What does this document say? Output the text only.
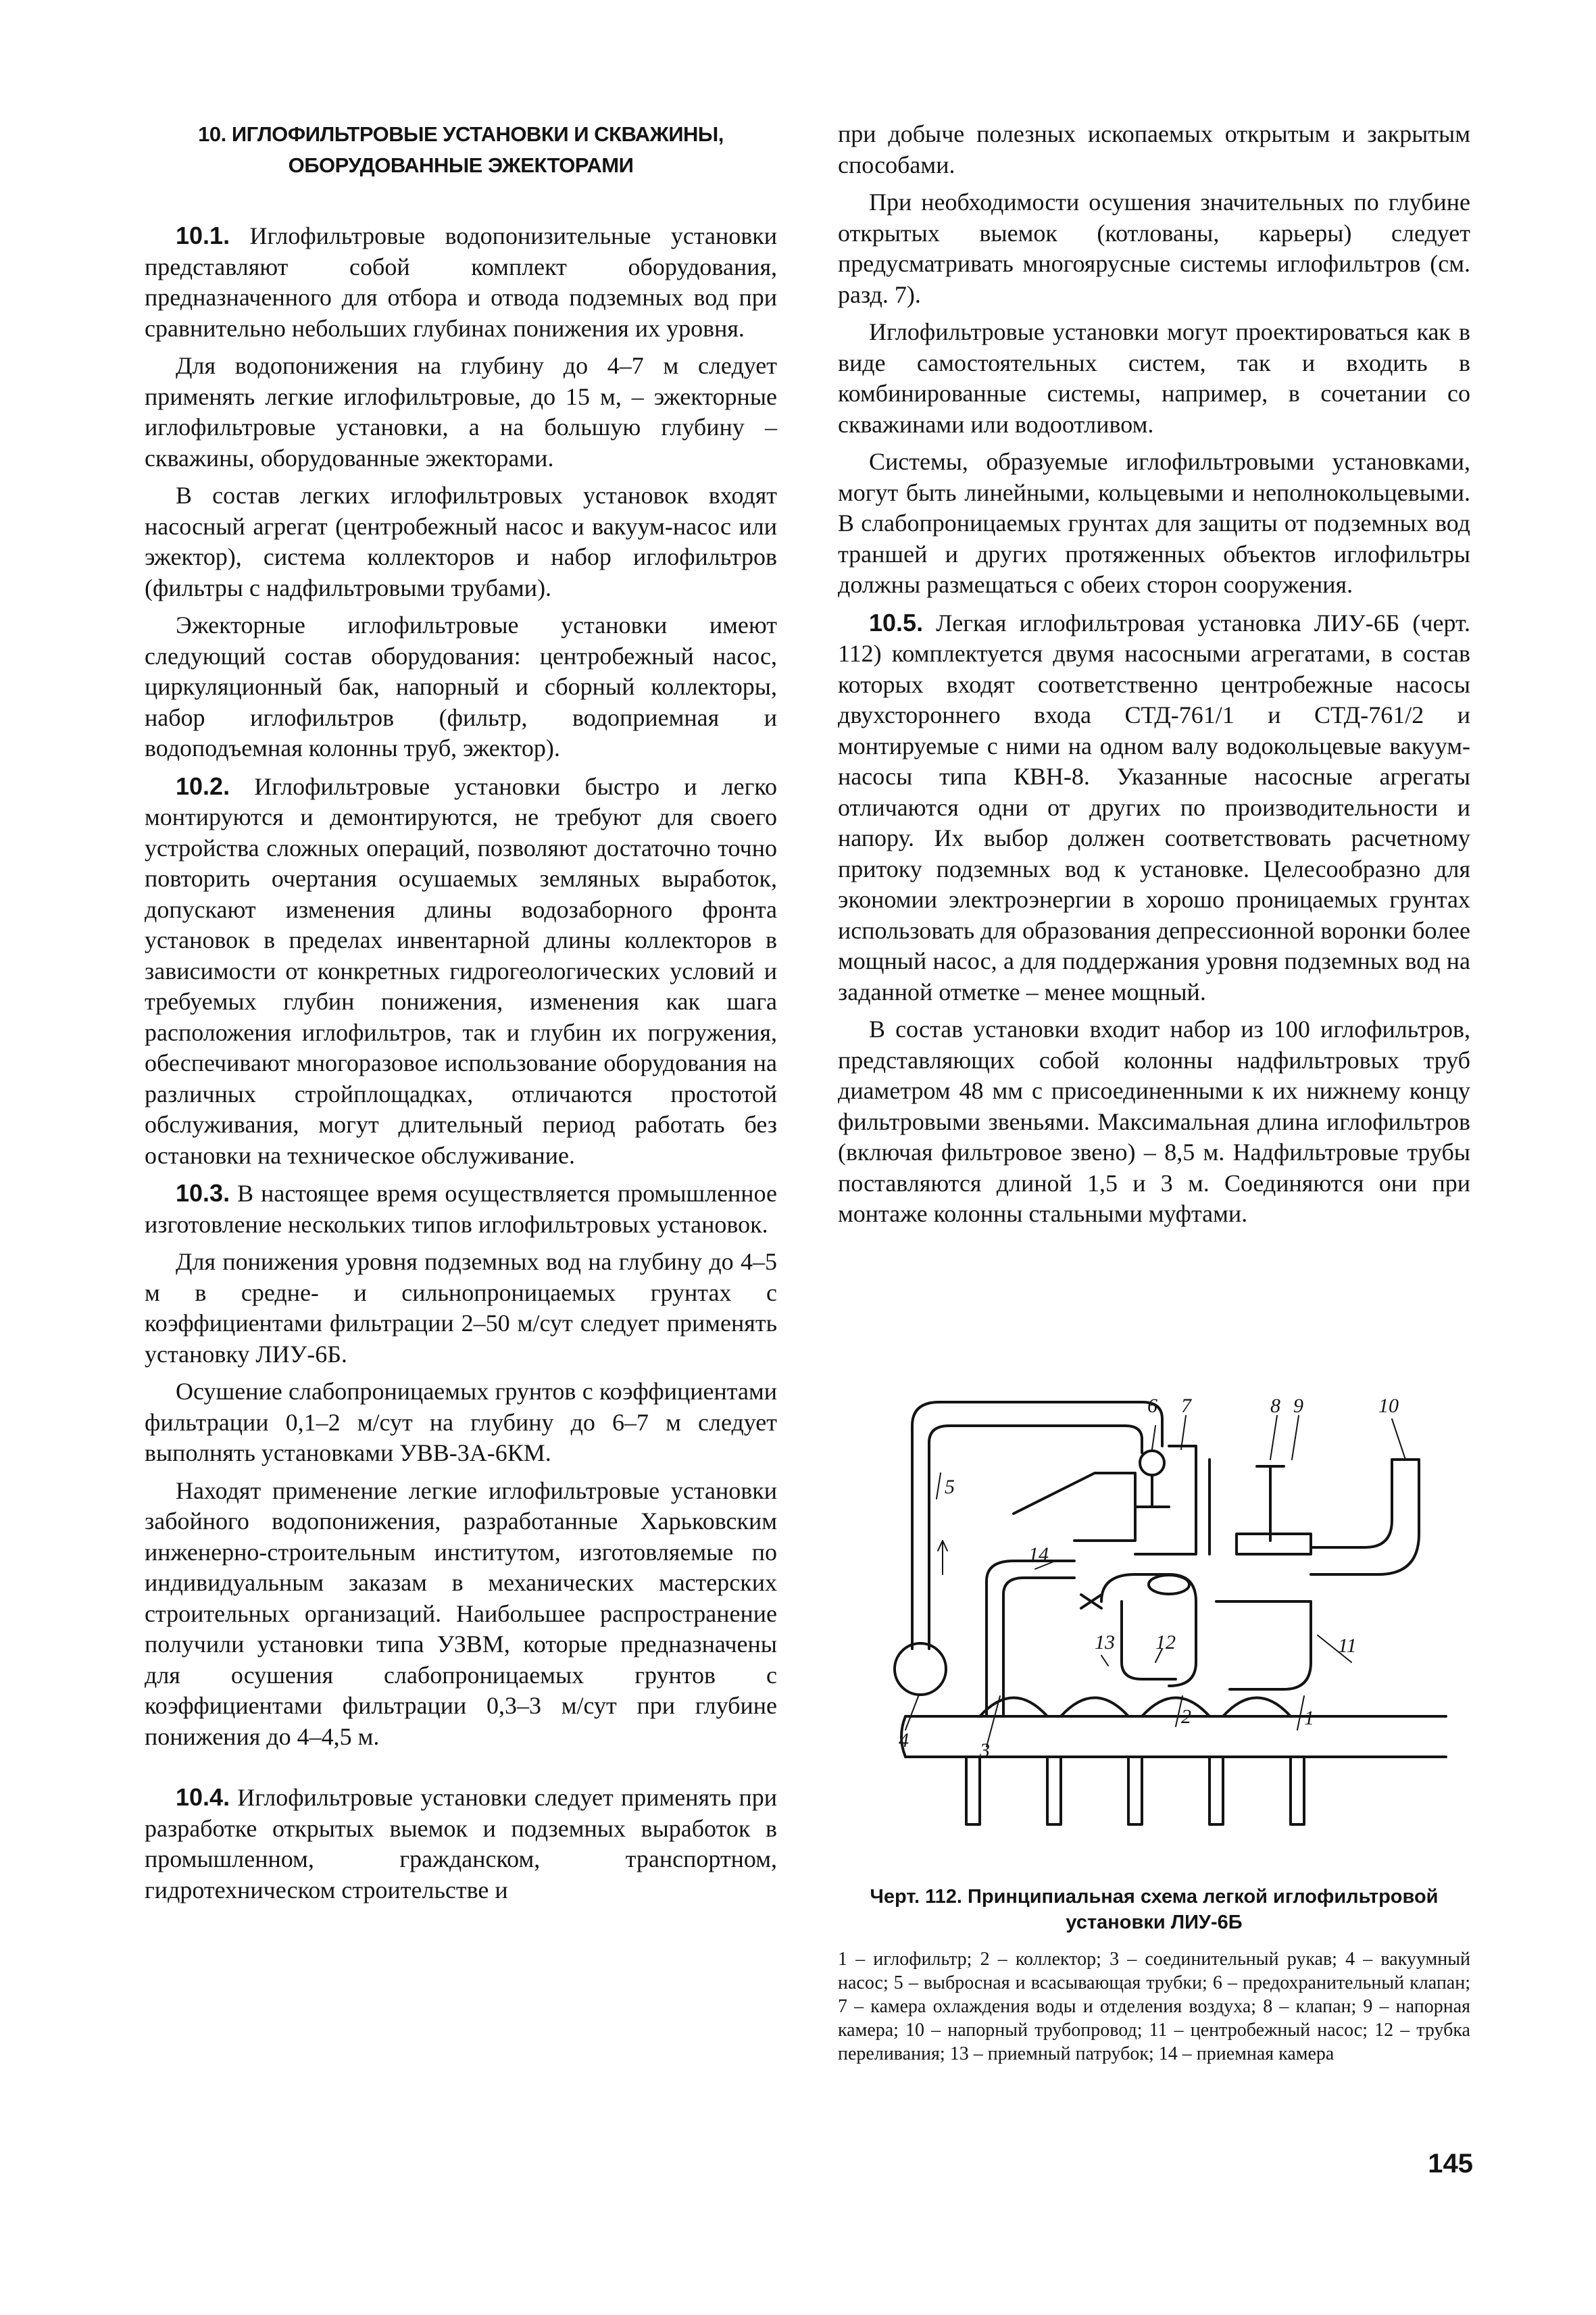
10. ИГЛОФИЛЬТРОВЫЕ УСТАНОВКИ И СКВАЖИНЫ,
ОБОРУДОВАННЫЕ ЭЖЕКТОРАМИ

10.1. Иглофильтровые водопонизительные установки представляют собой комплект оборудования, предназначенного для отбора и отвода подземных вод при сравнительно небольших глубинах понижения их уровня.

Для водопонижения на глубину до 4–7 м следует применять легкие иглофильтровые, до 15 м, – эжекторные иглофильтровые установки, а на большую глубину – скважины, оборудованные эжекторами.

В состав легких иглофильтровых установок входят насосный агрегат (центробежный насос и вакуум-насос или эжектор), система коллекторов и набор иглофильтров (фильтры с надфильтровыми трубами).

Эжекторные иглофильтровые установки имеют следующий состав оборудования: центробежный насос, циркуляционный бак, напорный и сборный коллекторы, набор иглофильтров (фильтр, водоприемная и водоподъемная колонны труб, эжектор).

10.2. Иглофильтровые установки быстро и легко монтируются и демонтируются, не требуют для своего устройства сложных операций, позволяют достаточно точно повторить очертания осушаемых земляных выработок, допускают изменения длины водозаборного фронта установок в пределах инвентарной длины коллекторов в зависимости от конкретных гидрогеологических условий и требуемых глубин понижения, изменения как шага расположения иглофильтров, так и глубин их погружения, обеспечивают многоразовое использование оборудования на различных стройплощадках, отличаются простотой обслуживания, могут длительный период работать без остановки на техническое обслуживание.

10.3. В настоящее время осуществляется промышленное изготовление нескольких типов иглофильтровых установок.

Для понижения уровня подземных вод на глубину до 4–5 м в средне- и сильнопроницаемых грунтах с коэффициентами фильтрации 2–50 м/сут следует применять установку ЛИУ-6Б.

Осушение слабопроницаемых грунтов с коэффициентами фильтрации 0,1–2 м/сут на глубину до 6–7 м следует выполнять установками УВВ-3А-6КМ.

Находят применение легкие иглофильтровые установки забойного водопонижения, разработанные Харьковским инженерно-строительным институтом, изготовляемые по индивидуальным заказам в механических мастерских строительных организаций. Наибольшее распространение получили установки типа УЗВМ, которые предназначены для осушения слабопроницаемых грунтов с коэффициентами фильтрации 0,3–3 м/сут при глубине понижения до 4–4,5 м.

10.4. Иглофильтровые установки следует применять при разработке открытых выемок и подземных выработок в промышленном, гражданском, транспортном, гидротехническом строительстве и

при добыче полезных ископаемых открытым и закрытым способами.

При необходимости осушения значительных по глубине открытых выемок (котлованы, карьеры) следует предусматривать многоярусные системы иглофильтров (см. разд. 7).

Иглофильтровые установки могут проектироваться как в виде самостоятельных систем, так и входить в комбинированные системы, например, в сочетании со скважинами или водоотливом.

Системы, образуемые иглофильтровыми установками, могут быть линейными, кольцевыми и неполнокольцевыми. В слабопроницаемых грунтах для защиты от подземных вод траншей и других протяженных объектов иглофильтры должны размещаться с обеих сторон сооружения.

10.5. Легкая иглофильтровая установка ЛИУ-6Б (черт. 112) комплектуется двумя насосными агрегатами, в состав которых входят соответственно центробежные насосы двухстороннего входа СТД-761/1 и СТД-761/2 и монтируемые с ними на одном валу водокольцевые вакуум-насосы типа КВН-8. Указанные насосные агрегаты отличаются одни от других по производительности и напору. Их выбор должен соответствовать расчетному притоку подземных вод к установке. Целесообразно для экономии электроэнергии в хорошо проницаемых грунтах использовать для образования депрессионной воронки более мощный насос, а для поддержания уровня подземных вод на заданной отметке – менее мощный.

В состав установки входит набор из 100 иглофильтров, представляющих собой колонны надфильтровых труб диаметром 48 мм с присоединенными к их нижнему концу фильтровыми звеньями. Максимальная длина иглофильтров (включая фильтровое звено) – 8,5 м. Надфильтровые трубы поставляются длиной 1,5 и 3 м. Соединяются они при монтаже колонны стальными муфтами.

4	3
2	1
11
12
13
14
5
6 7	8 9	10
Черт. 112. Принципиальная схема легкой иглофильтровой
установки ЛИУ-6Б
1 – иглофильтр; 2 – коллектор; 3 – соединительный рукав; 4 – вакуумный насос; 5 – выбросная и всасывающая трубки; 6 – предохранительный клапан; 7 – камера охлаждения воды и отделения воздуха; 8 – клапан; 9 – напорная камера; 10 – напорный трубопровод; 11 – центробежный насос; 12 – трубка переливания; 13 – приемный патрубок; 14 – приемная камера
145
